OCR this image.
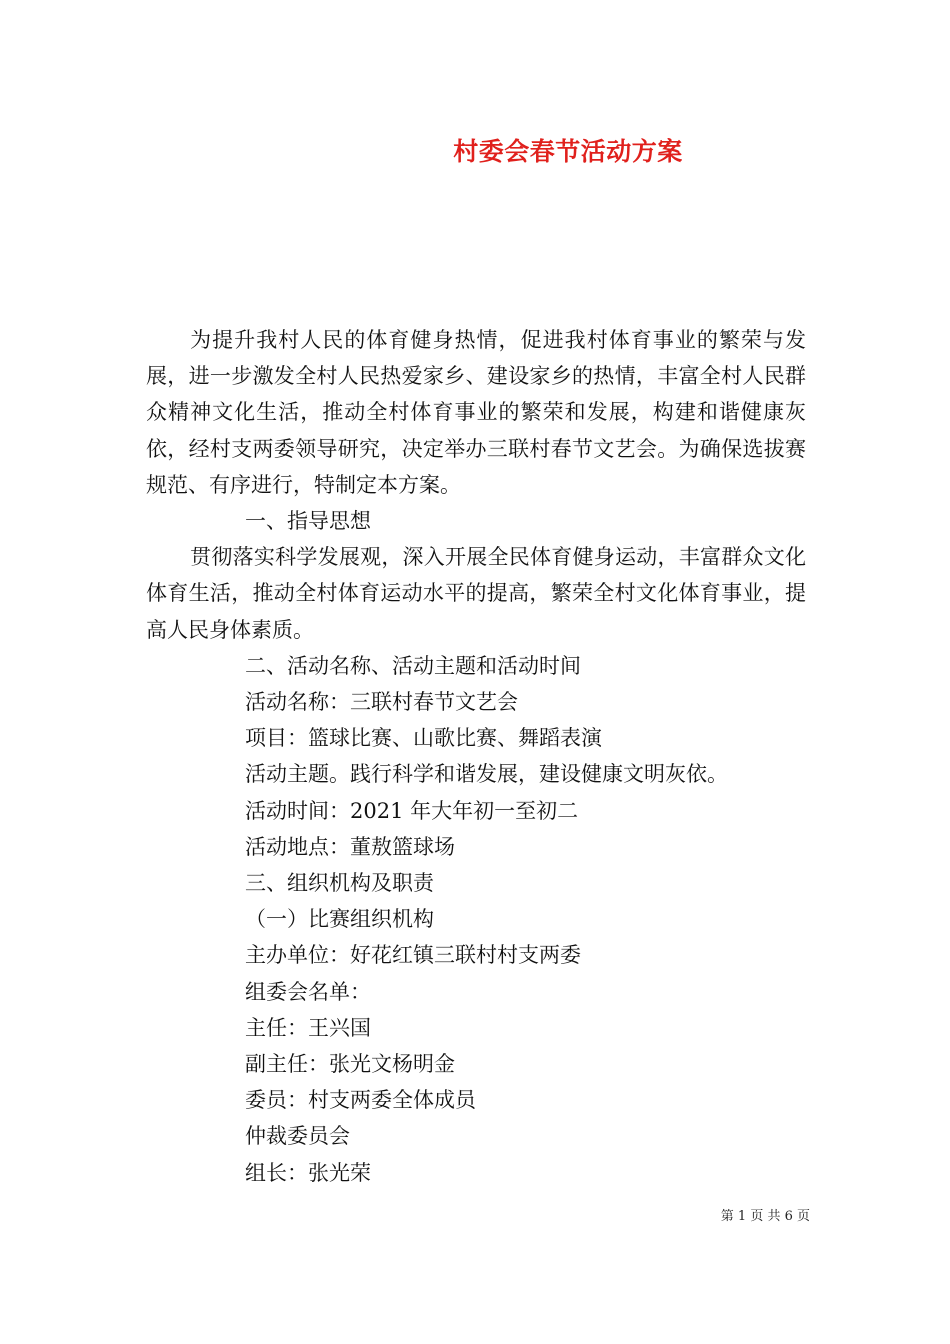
村委会春节活动方案

为提升我村人民的体育健身热情，促进我村体育事业的繁荣与发展，进一步激发全村人民热爱家乡、建设家乡的热情，丰富全村人民群众精神文化生活，推动全村体育事业的繁荣和发展，构建和谐健康灰依，经村支两委领导研究，决定举办三联村春节文艺会。为确保选拔赛规范、有序进行，特制定本方案。

一、指导思想

贯彻落实科学发展观，深入开展全民体育健身运动，丰富群众文化体育生活，推动全村体育运动水平的提高，繁荣全村文化体育事业，提高人民身体素质。

二、活动名称、活动主题和活动时间

活动名称：三联村春节文艺会

项目：篮球比赛、山歌比赛、舞蹈表演

活动主题。践行科学和谐发展，建设健康文明灰依。

活动时间：2021 年大年初一至初二

活动地点：董敖篮球场

三、组织机构及职责

（一）比赛组织机构

主办单位：好花红镇三联村村支两委

组委会名单：

主任：王兴国

副主任：张光文杨明金

委员：村支两委全体成员

仲裁委员会

组长：张光荣

第 1 页 共 6 页
